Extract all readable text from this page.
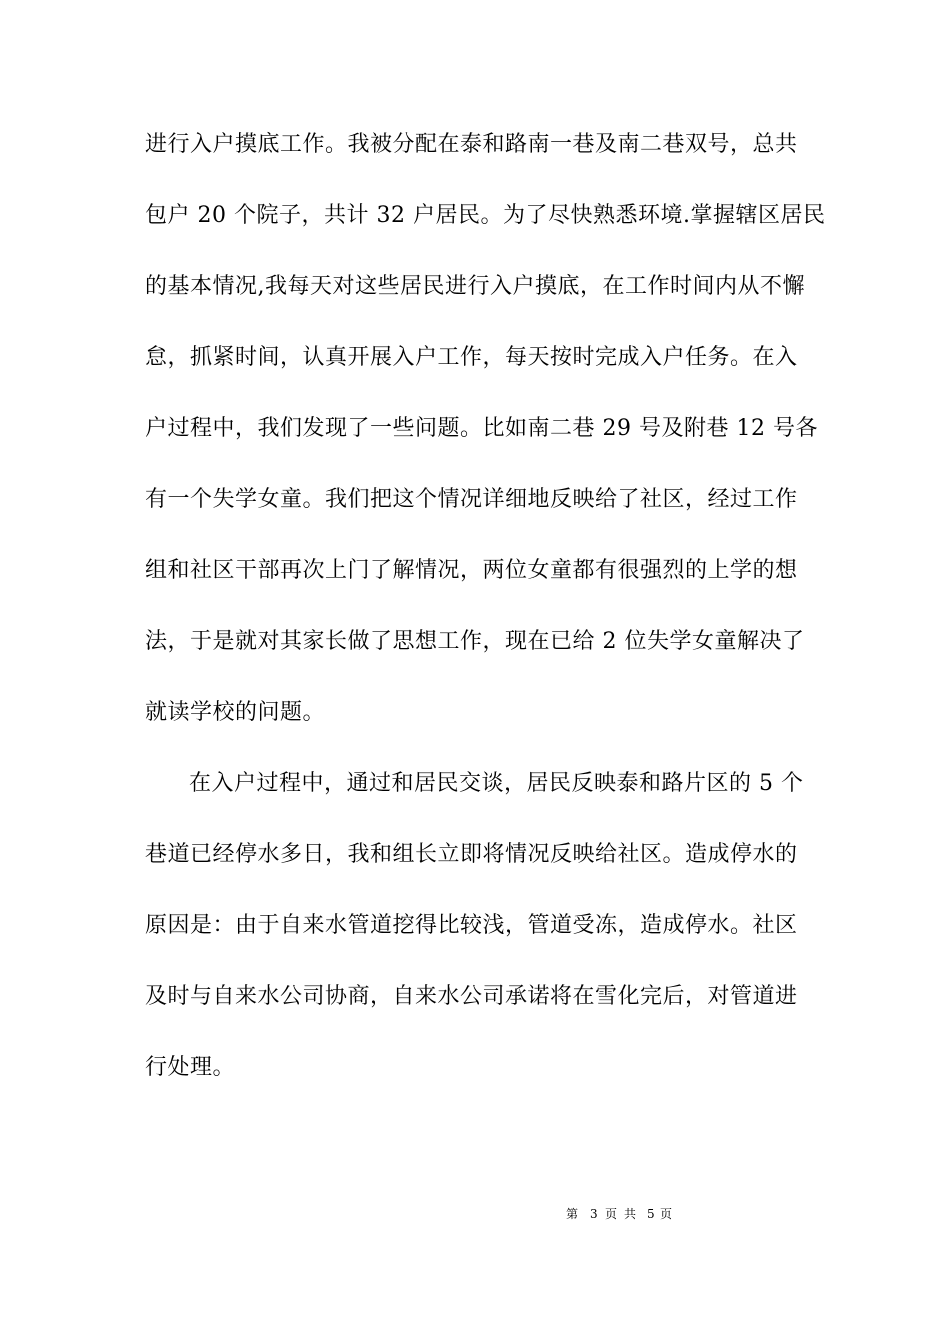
进行入户摸底工作。我被分配在泰和路南一巷及南二巷双号，总共
包户 20 个院子，共计 32 户居民。为了尽快熟悉环境.掌握辖区居民
的基本情况,我每天对这些居民进行入户摸底，在工作时间内从不懈
怠，抓紧时间，认真开展入户工作，每天按时完成入户任务。在入
户过程中，我们发现了一些问题。比如南二巷 29 号及附巷 12 号各
有一个失学女童。我们把这个情况详细地反映给了社区，经过工作
组和社区干部再次上门了解情况，两位女童都有很强烈的上学的想
法，于是就对其家长做了思想工作，现在已给 2 位失学女童解决了
就读学校的问题。
在入户过程中，通过和居民交谈，居民反映泰和路片区的 5 个
巷道已经停水多日，我和组长立即将情况反映给社区。造成停水的
原因是：由于自来水管道挖得比较浅，管道受冻，造成停水。社区
及时与自来水公司协商，自来水公司承诺将在雪化完后，对管道进
行处理。
第 3 页 共 5 页
